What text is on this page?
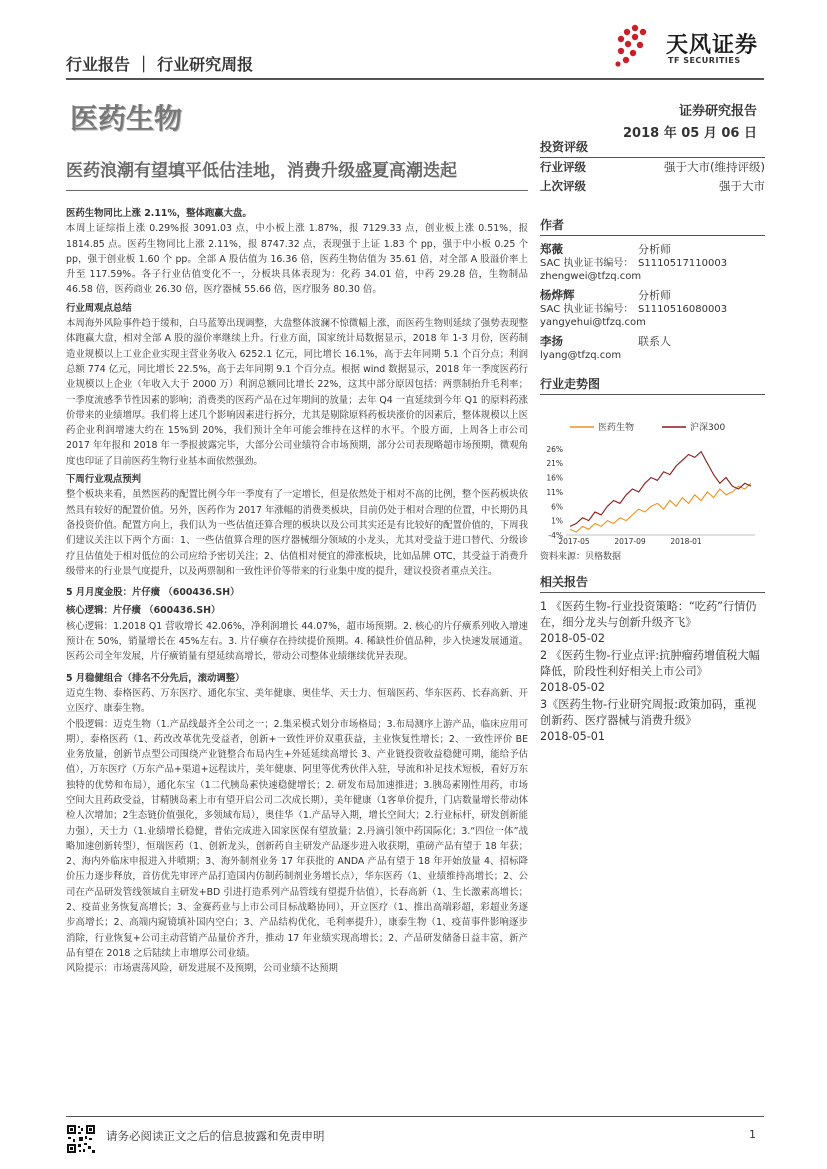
天风证券
TF SECURITIES
行业报告 ｜ 行业研究周报
医药生物	证券研究报告
2018 年 05 月 06 日
医药浪潮有望填平低估洼地，消费升级盛夏高潮迭起

医药生物同比上涨 2.11%，整体跑赢大盘。

本周上证综指上涨 0.29%报 3091.03 点，中小板上涨 1.87%，报 7129.33 点，创业板上涨 0.51%，报 1814.85 点。医药生物同比上涨 2.11%，报 8747.32 点，表现强于上证 1.83 个 pp，强于中小板 0.25 个 pp，强于创业板 1.60 个 pp。全部 A 股估值为 16.36 倍，医药生物估值为 35.61 倍，对全部 A 股溢价率上升至 117.59%。各子行业估值变化不一，分板块具体表现为：化药 34.01 倍，中药 29.28 倍，生物制品 46.58 倍，医药商业 26.30 倍，医疗器械 55.66 倍，医疗服务 80.30 倍。

行业周观点总结

本周海外风险事件趋于缓和，白马蓝筹出现调整，大盘整体波澜不惊微幅上涨，而医药生物则延续了强势表现整体跑赢大盘，相对全部 A 股的溢价率继续上升。行业方面，国家统计局数据显示，2018 年 1-3 月份，医药制造业规模以上工业企业实现主营业务收入 6252.1 亿元，同比增长 16.1%，高于去年同期 5.1 个百分点；利润总额 774 亿元，同比增长 22.5%，高于去年同期 9.1 个百分点。根据 wind 数据显示，2018 年一季度医药行业规模以上企业（年收入大于 2000 万）利润总额同比增长 22%，这其中部分原因包括：两票制抬升毛利率；一季度流感季节性因素的影响；消费类的医药产品在过年期间的放量；去年 Q4 一直延续到今年 Q1 的原料药涨价带来的业绩增厚。我们将上述几个影响因素进行拆分，尤其是剔除原料药板块涨价的因素后，整体规模以上医药企业利润增速大约在 15%到 20%，我们预计全年可能会维持在这样的水平。个股方面，上周各上市公司 2017 年年报和 2018 年一季报披露完毕，大部分公司业绩符合市场预期，部分公司表现略超市场预期，微观角度也印证了目前医药生物行业基本面依然强劲。

下周行业观点预判

整个板块来看，虽然医药的配置比例今年一季度有了一定增长，但是依然处于相对不高的比例，整个医药板块依然具有较好的配置价值。另外，医药作为 2017 年涨幅的消费类板块，目前仍处于相对合理的位置，中长期仍具备投资价值。配置方向上，我们认为一些估值还算合理的板块以及公司其实还是有比较好的配置价值的，下周我们建议关注以下两个方面：1、一些估值算合理的医疗器械细分领域的小龙头，尤其对受益于进口替代、分级诊疗且估值处于相对低位的公司应给予密切关注；2、估值相对便宜的滞涨板块，比如品牌 OTC，其受益于消费升级带来的行业景气度提升，以及两票制和一致性评价等带来的行业集中度的提升，建议投资者重点关注。

5 月月度金股：片仔癀 （600436.SH）

核心逻辑：片仔癀 （600436.SH）

核心逻辑：1.2018 Q1 营收增长 42.06%，净利润增长 44.07%，超市场预期。2. 核心的片仔癀系列收入增速预计在 50%，销量增长在 45%左右。3. 片仔癀存在持续提价预期。4. 稀缺性价值品种，步入快速发展通道。医药公司全年发展，片仔癀销量有望延续高增长，带动公司整体业绩继续优异表现。

5 月稳健组合（排名不分先后，滚动调整）

迈克生物、泰格医药、万东医疗、通化东宝、美年健康、奥佳华、天士力、恒瑞医药、华东医药、长春高新、开立医疗、康泰生物。

个股逻辑：迈克生物（1.产品线最齐全公司之一；2.集采模式划分市场格局；3.布局测序上游产品，临床应用可期），泰格医药（1、药改改革优先受益者，创新+一致性评价双重获益，主业恢复性增长；2、一致性评价 BE 业务放量，创新节点型公司围绕产业链整合布局内生+外延延续高增长 3、产业链投资收益稳健可期，能给予估值），万东医疗（万东产品+渠道+远程读片，美年健康、阿里等优秀伙伴入驻，导流和补足技术短板，看好万东独特的优势和布局），通化东宝（1二代胰岛素快速稳健增长；2. 研发布局加速推进；3.胰岛素刚性用药，市场空间大且药政受益，甘精胰岛素上市有望开启公司二次成长期），美年健康（1客单价提升，门店数量增长带动体检人次增加；2生态链价值强化，多领域布局），奥佳华（1.产品导入期，增长空间大；2.行业标杆，研发创新能力强），天士力（1.业绩增长稳健，普佑完成进入国家医保有望放量；2.丹滴引领中药国际化；3.“四位一体”战略加速创新转型），恒瑞医药（1、创新龙头，创新药自主研发产品逐步进入收获期，重磅产品有望于 18 年获；2、海内外临床申报进入井喷期；3、海外制剂业务 17 年获批的 ANDA 产品有望于 18 年开始放量 4、招标降价压力逐步释放，首仿优先审评产品打造国内仿制药制剂业务增长点），华东医药（1、业绩维持高增长；2、公司在产品研发管线领域自主研发+BD 引进打造系列产品管线有望提升估值），长春高新（1、生长激素高增长；2、疫苗业务恢复高增长；3、金赛药业与上市公司目标战略协同），开立医疗（1、推出高端彩超，彩超业务逐步高增长；2、高端内窥镜填补国内空白；3、产品结构优化，毛利率提升），康泰生物（1、疫苗事件影响逐步消除，行业恢复+公司主动营销产品量价齐升，推动 17 年业绩实现高增长；2、产品研发储备日益丰富，新产品有望在 2018 之后陆续上市增厚公司业绩。

风险提示：市场震荡风险，研发进展不及预期，公司业绩不达预期

投资评级
行业评级	强于大市(维持评级)
上次评级	强于大市
作者
郑薇	分析师
SAC 执业证书编号： S1110517110003
zhengwei@tfzq.com
杨烨辉	分析师
SAC 执业证书编号： S1110516080003
yangyehui@tfzq.com
李扬	联系人
lyang@tfzq.com
行业走势图
医药生物	沪深300
26%
21%
16%
11%
6%
1%
-4%
2017-05	2017-09	2018-01
资料来源：贝格数据
相关报告
1 《医药生物-行业投资策略：“吃药”行情仍在，细分龙头与创新升级齐飞》
2018-05-02
2 《医药生物-行业点评:抗肿瘤药增值税大幅降低，阶段性利好相关上市公司》
2018-05-02
3《医药生物-行业研究周报:政策加码，重视创新药、医疗器械与消费升级》
2018-05-01
请务必阅读正文之后的信息披露和免责申明	1
